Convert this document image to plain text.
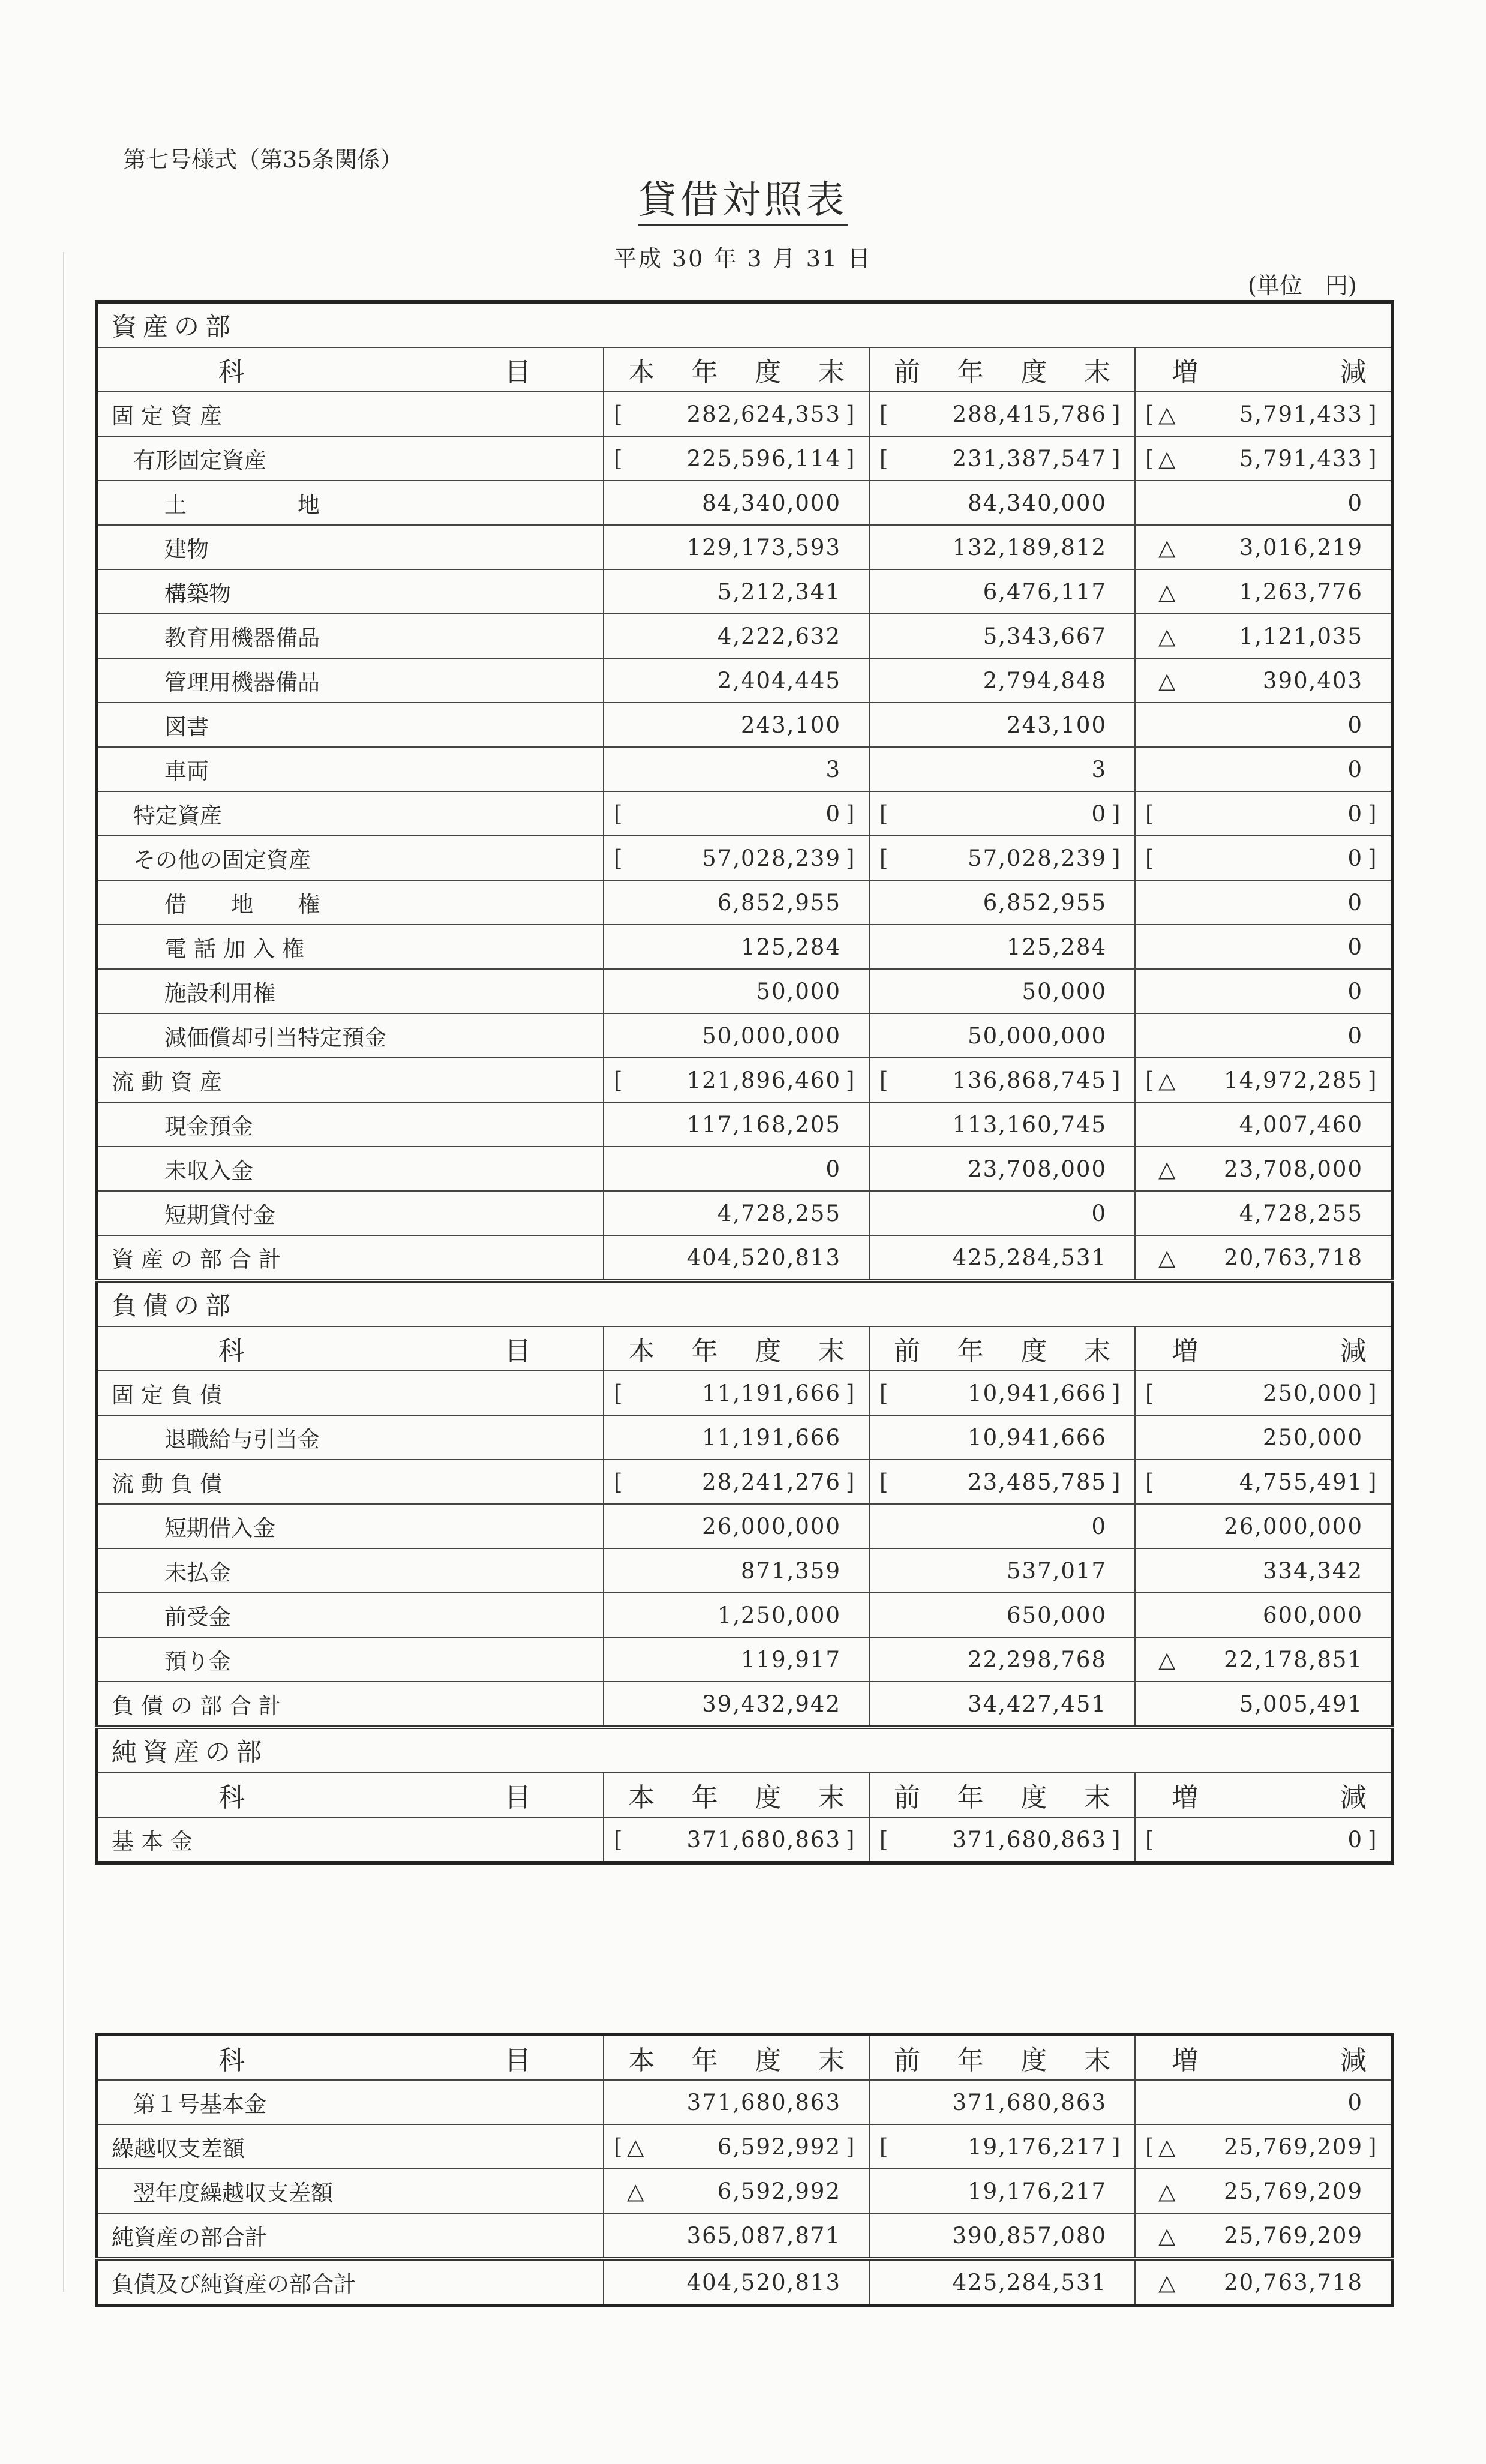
第七号様式（第35条関係）
貸借対照表
平成 30 年 3 月 31 日
(単位　円)
資産の部			

科 目	本 年 度 末	前 年 度 末	増 減

固定資産	[ 282,624,353 ]	[ 288,415,786 ]	[ △ 5,791,433 ]

有形固定資産	[ 225,596,114 ]	[ 231,387,547 ]	[ △ 5,791,433 ]

土　　　　　地	84,340,000	84,340,000	0

建物	129,173,593	132,189,812	△ 3,016,219

構築物	5,212,341	6,476,117	△ 1,263,776

教育用機器備品	4,222,632	5,343,667	△ 1,121,035

管理用機器備品	2,404,445	2,794,848	△ 390,403

図書	243,100	243,100	0

車両	3	3	0

特定資産	[ 0 ]	[ 0 ]	[ 0 ]

その他の固定資産	[ 57,028,239 ]	[ 57,028,239 ]	[ 0 ]

借　　地　　権	6,852,955	6,852,955	0

電話加入権	125,284	125,284	0

施設利用権	50,000	50,000	0

減価償却引当特定預金	50,000,000	50,000,000	0

流動資産	[ 121,896,460 ]	[ 136,868,745 ]	[ △ 14,972,285 ]

現金預金	117,168,205	113,160,745	4,007,460

未収入金	0	23,708,000	△ 23,708,000

短期貸付金	4,728,255	0	4,728,255

資産の部合計	404,520,813	425,284,531	△ 20,763,718

負債の部			

科 目	本 年 度 末	前 年 度 末	増 減

固定負債	[ 11,191,666 ]	[ 10,941,666 ]	[ 250,000 ]

退職給与引当金	11,191,666	10,941,666	250,000

流動負債	[ 28,241,276 ]	[ 23,485,785 ]	[ 4,755,491 ]

短期借入金	26,000,000	0	26,000,000

未払金	871,359	537,017	334,342

前受金	1,250,000	650,000	600,000

預り金	119,917	22,298,768	△ 22,178,851

負債の部合計	39,432,942	34,427,451	5,005,491

純資産の部			

科 目	本 年 度 末	前 年 度 末	増 減

基本金	[ 371,680,863 ]	[ 371,680,863 ]	[ 0 ]
科 目	本 年 度 末	前 年 度 末	増 減

第１号基本金	371,680,863	371,680,863	0

繰越収支差額	[ △ 6,592,992 ]	[ 19,176,217 ]	[ △ 25,769,209 ]

翌年度繰越収支差額	△ 6,592,992	19,176,217	△ 25,769,209

純資産の部合計	365,087,871	390,857,080	△ 25,769,209

負債及び純資産の部合計	404,520,813	425,284,531	△ 20,763,718
